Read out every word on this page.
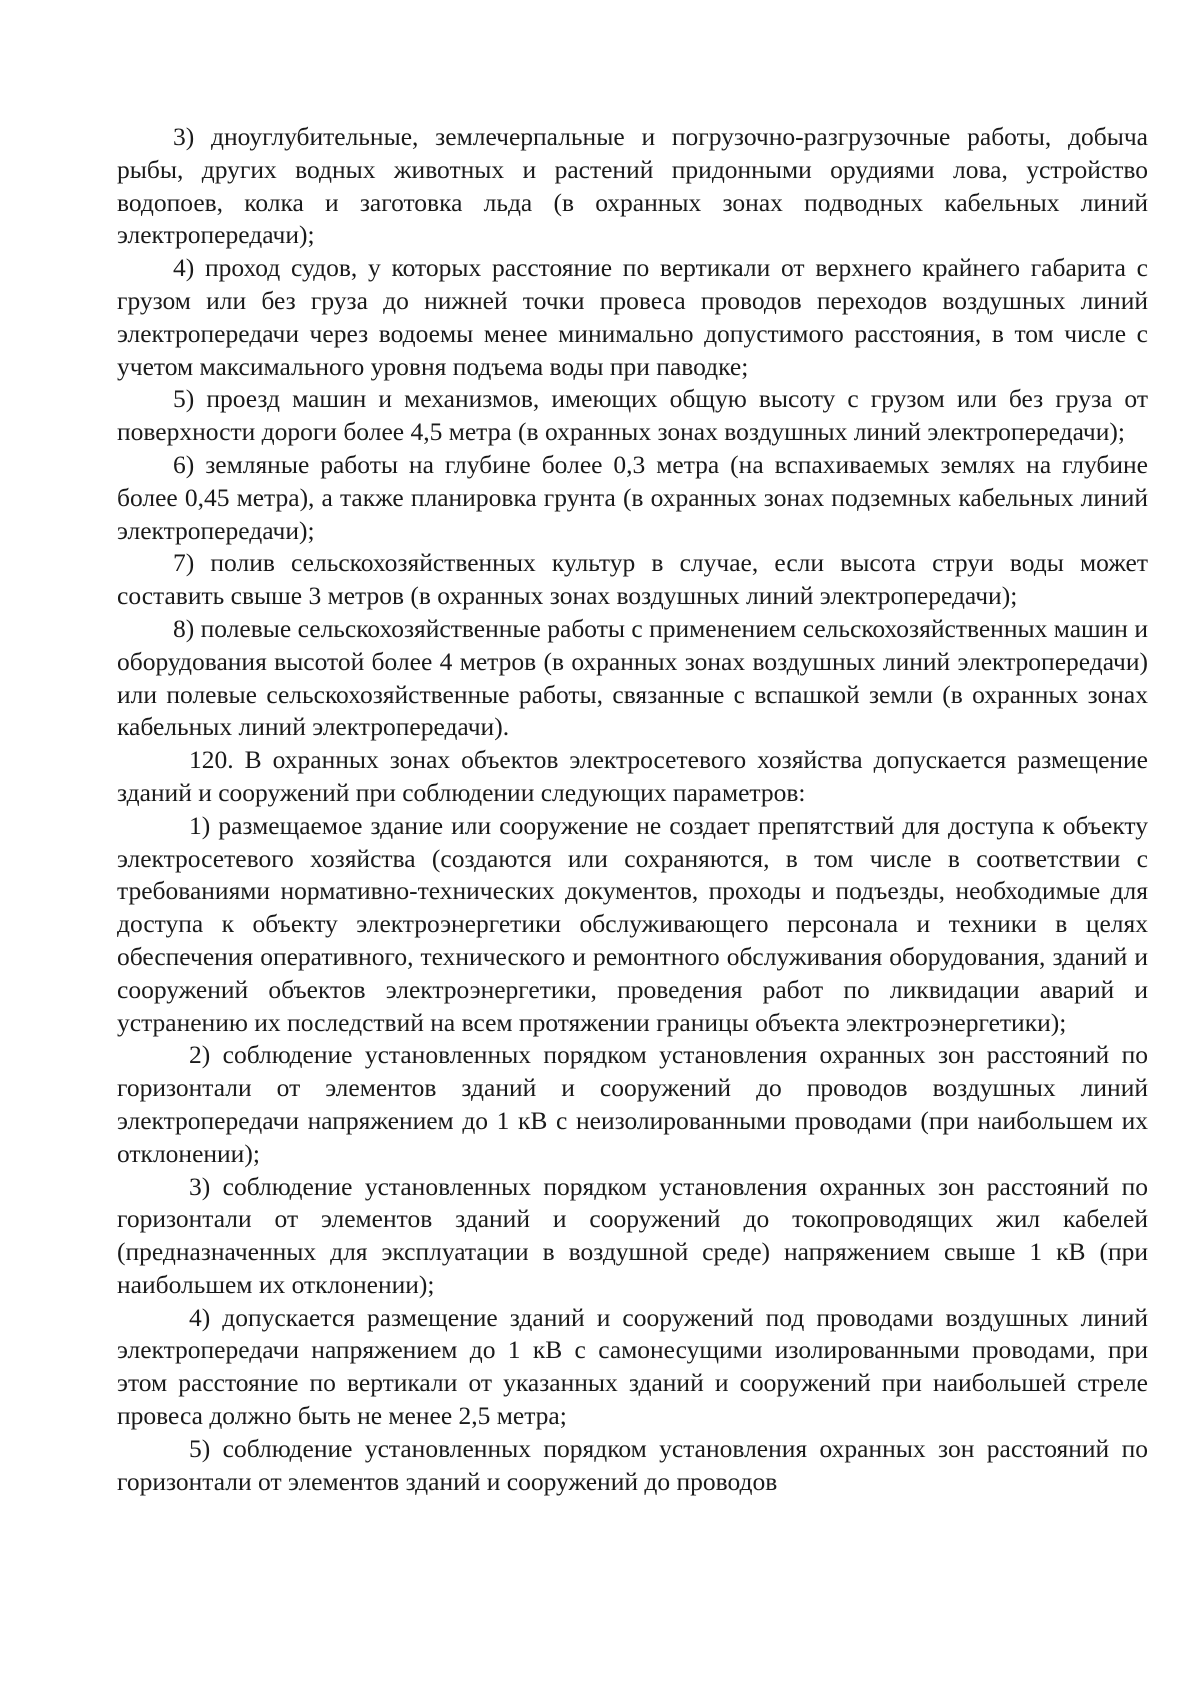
3) дноуглубительные, землечерпальные и погрузочно-разгрузочные работы, добыча рыбы, других водных животных и растений придонными орудиями лова, устройство водопоев, колка и заготовка льда (в охранных зонах подводных кабельных линий электропередачи);

4) проход судов, у которых расстояние по вертикали от верхнего крайнего габарита с грузом или без груза до нижней точки провеса проводов переходов воздушных линий электропередачи через водоемы менее минимально допустимого расстояния, в том числе с учетом максимального уровня подъема воды при паводке;

5) проезд машин и механизмов, имеющих общую высоту с грузом или без груза от поверхности дороги более 4,5 метра (в охранных зонах воздушных линий электропередачи);

6) земляные работы на глубине более 0,3 метра (на вспахиваемых землях на глубине более 0,45 метра), а также планировка грунта (в охранных зонах подземных кабельных линий электропередачи);

7) полив сельскохозяйственных культур в случае, если высота струи воды может составить свыше 3 метров (в охранных зонах воздушных линий электропередачи);

8) полевые сельскохозяйственные работы с применением сельскохозяйственных машин и оборудования высотой более 4 метров (в охранных зонах воздушных линий электропередачи) или полевые сельскохозяйственные работы, связанные с вспашкой земли (в охранных зонах кабельных линий электропередачи).

120. В охранных зонах объектов электросетевого хозяйства допускается размещение зданий и сооружений при соблюдении следующих параметров:

1) размещаемое здание или сооружение не создает препятствий для доступа к объекту электросетевого хозяйства (создаются или сохраняются, в том числе в соответствии с требованиями нормативно-технических документов, проходы и подъезды, необходимые для доступа к объекту электроэнергетики обслуживающего персонала и техники в целях обеспечения оперативного, технического и ремонтного обслуживания оборудования, зданий и сооружений объектов электроэнергетики, проведения работ по ликвидации аварий и устранению их последствий на всем протяжении границы объекта электроэнергетики);

2) соблюдение установленных порядком установления охранных зон расстояний по горизонтали от элементов зданий и сооружений до проводов воздушных линий электропередачи напряжением до 1 кВ с неизолированными проводами (при наибольшем их отклонении);

3) соблюдение установленных порядком установления охранных зон расстояний по горизонтали от элементов зданий и сооружений до токопроводящих жил кабелей (предназначенных для эксплуатации в воздушной среде) напряжением свыше 1 кВ (при наибольшем их отклонении);

4) допускается размещение зданий и сооружений под проводами воздушных линий электропередачи напряжением до 1 кВ с самонесущими изолированными проводами, при этом расстояние по вертикали от указанных зданий и сооружений при наибольшей стреле провеса должно быть не менее 2,5 метра;

5) соблюдение установленных порядком установления охранных зон расстояний по горизонтали от элементов зданий и сооружений до проводов
